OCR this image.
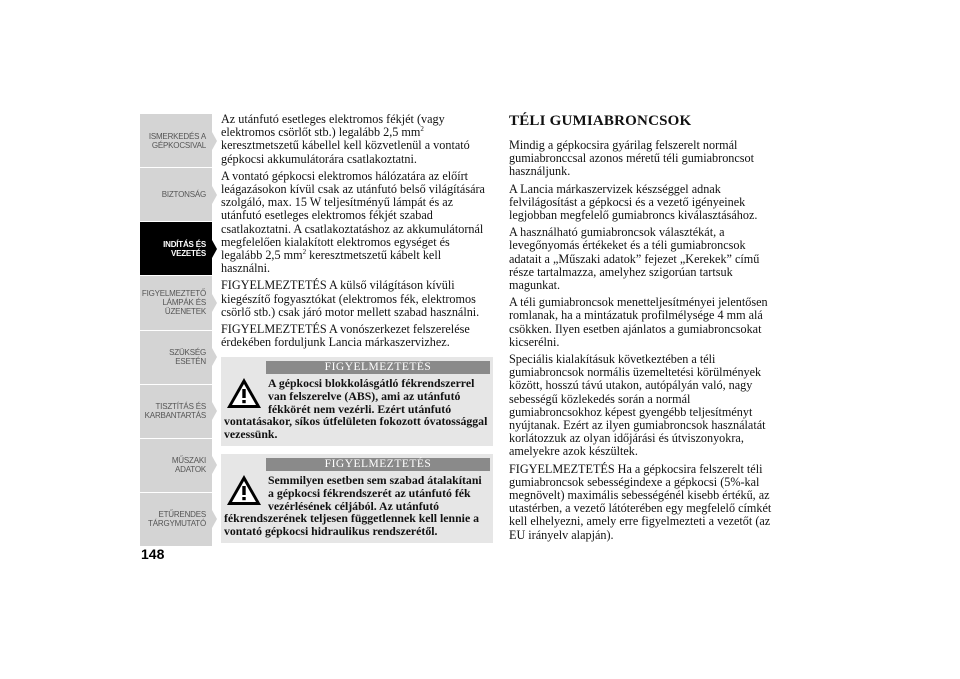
ISMERKEDÉS A
GÉPKOCSIVAL
BIZTONSÁG
INDÍTÁS ÉS
VEZETÉS
FIGYELMEZTETŐ
LÁMPÁK ÉS
ÜZENETEK
SZÜKSÉG ESETÉN
TISZTÍTÁS ÉS
KARBANTARTÁS
MŰSZAKI ADATOK
ETŰRENDES
TÁRGYMUTATÓ
148

Az utánfutó esetleges elektromos fékjét (vagy elektromos csörlőt stb.) legalább 2,5 $mm^2$ keresztmetszetű kábellel kell közvetlenül a vontató gépkocsi akkumulátorára csatlakoztatni.

A vontató gépkocsi elektromos hálózatára az előírt leágazásokon kívül csak az utánfutó belső világítására szolgáló, max. 15 W teljesítményű lámpát és az utánfutó esetleges elektromos fékjét szabad csatlakoztatni. A csatlakoztatáshoz az akkumulátornál megfelelően kialakított elektromos egységet és legalább 2,5 $mm^2$ keresztmetszetű kábelt kell használni.

FIGYELMEZTETÉS A külső világításon kívüli kiegészítő fogyasztókat (elektromos fék, elektromos csörlő stb.) csak járó motor mellett szabad használni.

FIGYELMEZTETÉS A vonószerkezet felszerelése érdekében forduljunk Lancia márkaszervizhez.

FIGYELMEZTETÉS
A gépkocsi blokkolásgátló fékrendszerrel van felszerelve (ABS), ami az utánfutó fékkörét nem vezérli. Ezért utánfutó vontatásakor, síkos útfelületen fokozott óvatossággal vezessünk.
FIGYELMEZTETÉS
Semmilyen esetben sem szabad átalakítani a gépkocsi fékrendszerét az utánfutó fék vezérlésének céljából. Az utánfutó fékrendszerének teljesen függetlennek kell lennie a vontató gépkocsi hidraulikus rendszerétől.
TÉLI GUMIABRONCSOK

Mindig a gépkocsira gyárilag felszerelt normál gumiabronccsal azonos méretű téli gumiabroncsot használjunk.

A Lancia márkaszervizek készséggel adnak felvilágosítást a gépkocsi és a vezető igényeinek legjobban megfelelő gumiabroncs kiválasztásához.

A használható gumiabroncsok választékát, a levegőnyomás értékeket és a téli gumiabroncsok adatait a „Műszaki adatok” fejezet „Kerekek” című része tartalmazza, amelyhez szigorúan tartsuk magunkat.

A téli gumiabroncsok menetteljesítményei jelentősen romlanak, ha a mintázatuk profilmélysége 4 mm alá csökken. Ilyen esetben ajánlatos a gumiabroncsokat kicserélni.

Speciális kialakításuk következtében a téli gumiabroncsok normális üzemeltetési körülmények között, hosszú távú utakon, autópályán való, nagy sebességű közlekedés során a normál gumiabroncsokhoz képest gyengébb teljesítményt nyújtanak. Ezért az ilyen gumiabroncsok használatát korlátozzuk az olyan időjárási és útviszonyokra, amelyekre azok készültek.

FIGYELMEZTETÉS Ha a gépkocsira felszerelt téli gumiabroncsok sebességindexe a gépkocsi (5%-kal megnövelt) maximális sebességénél kisebb értékű, az utastérben, a vezető látóterében egy megfelelő címkét kell elhelyezni, amely erre figyelmezteti a vezetőt (az EU irányelv alapján).
